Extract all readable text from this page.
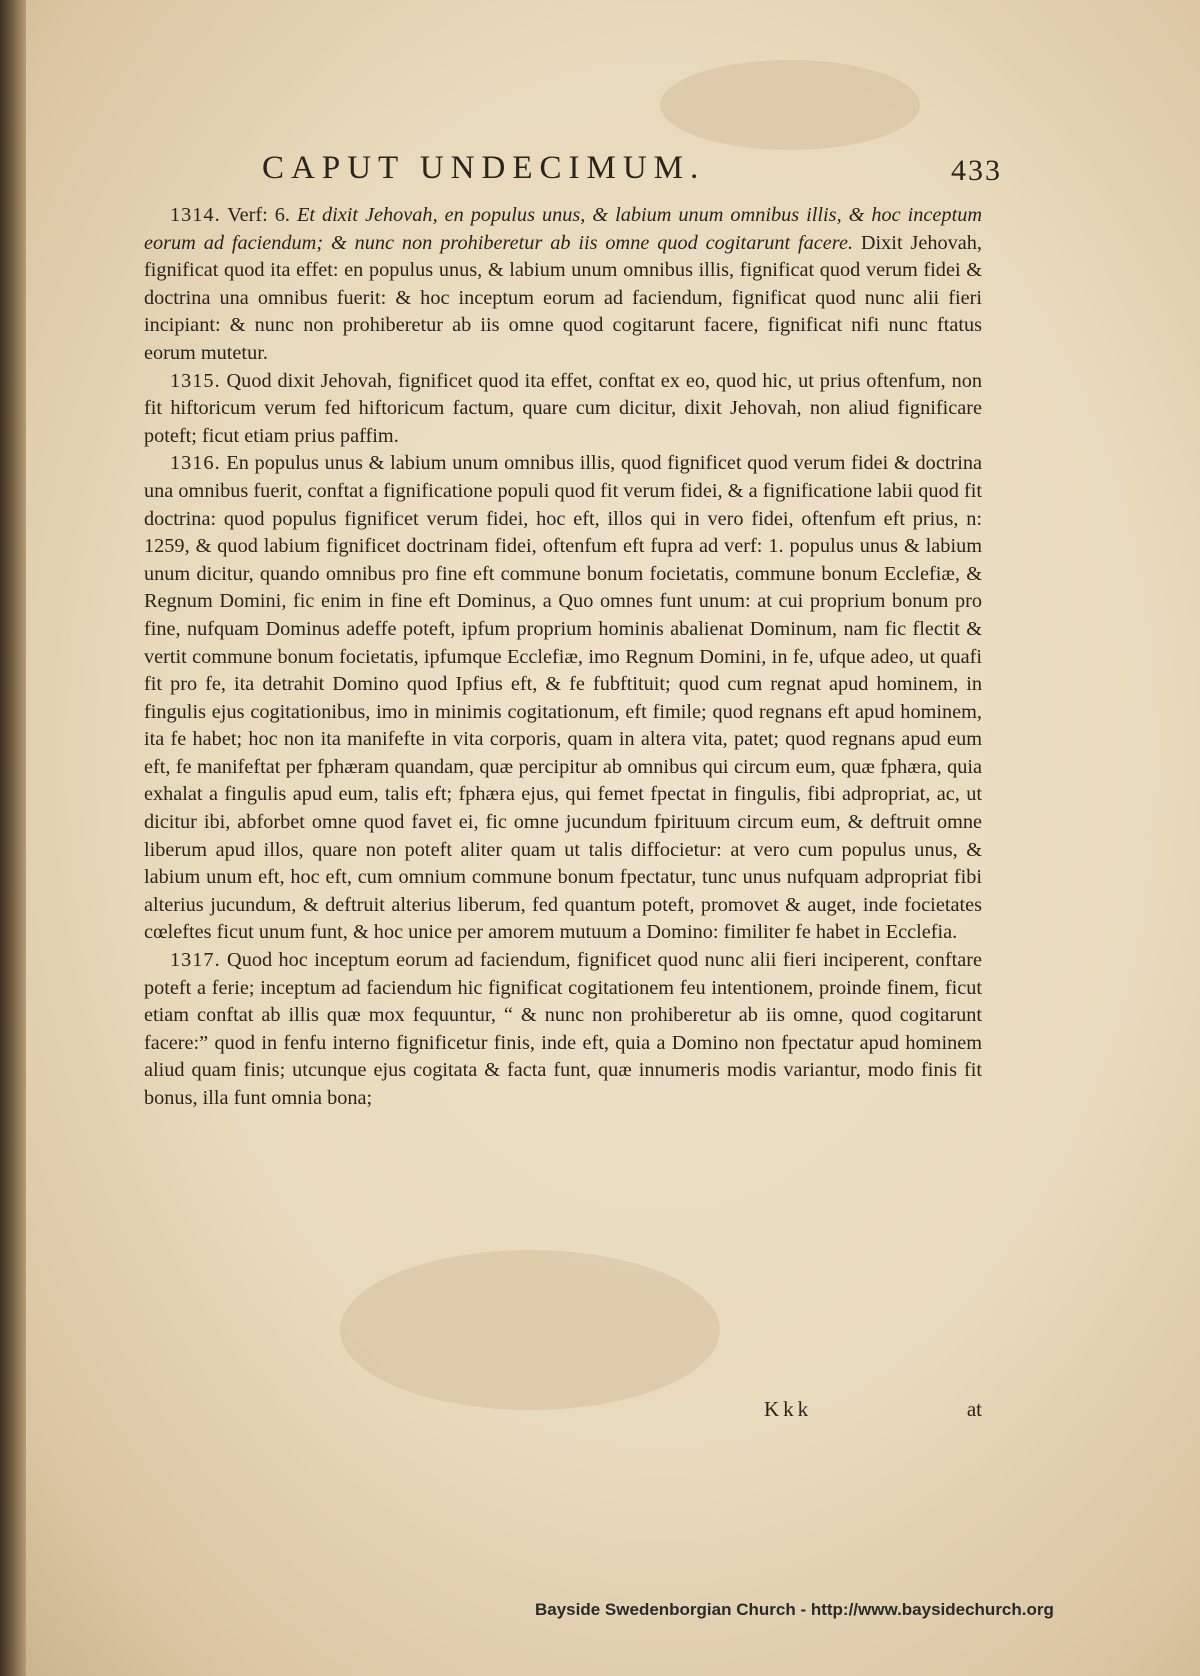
CAPUT UNDECIMUM.	433

1314. Verf: 6. Et dixit Jehovah, en populus unus, & labium unum omnibus illis, & hoc inceptum eorum ad faciendum; & nunc non prohiberetur ab iis omne quod cogitarunt facere. Dixit Jehovah, fignificat quod ita effet: en populus unus, & labium unum omnibus illis, fignificat quod verum fidei & doctrina una omnibus fuerit: & hoc inceptum eorum ad faciendum, fignificat quod nunc alii fieri incipiant: & nunc non prohiberetur ab iis omne quod cogitarunt facere, fignificat nifi nunc ftatus eorum mutetur.

1315. Quod dixit Jehovah, fignificet quod ita effet, conftat ex eo, quod hic, ut prius oftenfum, non fit hiftoricum verum fed hiftoricum factum, quare cum dicitur, dixit Jehovah, non aliud fignificare poteft; ficut etiam prius paffim.

1316. En populus unus & labium unum omnibus illis, quod fignificet quod verum fidei & doctrina una omnibus fuerit, conftat a fignificatione populi quod fit verum fidei, & a fignificatione labii quod fit doctrina: quod populus fignificet verum fidei, hoc eft, illos qui in vero fidei, oftenfum eft prius, n: 1259, & quod labium fignificet doctrinam fidei, oftenfum eft fupra ad verf: 1. populus unus & labium unum dicitur, quando omnibus pro fine eft commune bonum focietatis, commune bonum Ecclefiæ, & Regnum Domini, fic enim in fine eft Dominus, a Quo omnes funt unum: at cui proprium bonum pro fine, nufquam Dominus adeffe poteft, ipfum proprium hominis abalienat Dominum, nam fic flectit & vertit commune bonum focietatis, ipfumque Ecclefiæ, imo Regnum Domini, in fe, ufque adeo, ut quafi fit pro fe, ita detrahit Domino quod Ipfius eft, & fe fubftituit; quod cum regnat apud hominem, in fingulis ejus cogitationibus, imo in minimis cogitationum, eft fimile; quod regnans eft apud hominem, ita fe habet; hoc non ita manifefte in vita corporis, quam in altera vita, patet; quod regnans apud eum eft, fe manifeftat per fphæram quandam, quæ percipitur ab omnibus qui circum eum, quæ fphæra, quia exhalat a fingulis apud eum, talis eft; fphæra ejus, qui femet fpectat in fingulis, fibi adpropriat, ac, ut dicitur ibi, abforbet omne quod favet ei, fic omne jucundum fpirituum circum eum, & deftruit omne liberum apud illos, quare non poteft aliter quam ut talis diffocietur: at vero cum populus unus, & labium unum eft, hoc eft, cum omnium commune bonum fpectatur, tunc unus nufquam adpropriat fibi alterius jucundum, & deftruit alterius liberum, fed quantum poteft, promovet & auget, inde focietates cœleftes ficut unum funt, & hoc unice per amorem mutuum a Domino: fimiliter fe habet in Ecclefia.

1317. Quod hoc inceptum eorum ad faciendum, fignificet quod nunc alii fieri inciperent, conftare poteft a ferie; inceptum ad faciendum hic fignificat cogitationem feu intentionem, proinde finem, ficut etiam conftat ab illis quæ mox fequuntur, “ & nunc non prohiberetur ab iis omne, quod cogitarunt facere:” quod in fenfu interno fignificetur finis, inde eft, quia a Domino non fpectatur apud hominem aliud quam finis; utcunque ejus cogitata & facta funt, quæ innumeris modis variantur, modo finis fit bonus, illa funt omnia bona;

Kkk	at
Bayside Swedenborgian Church - http://www.baysidechurch.org
